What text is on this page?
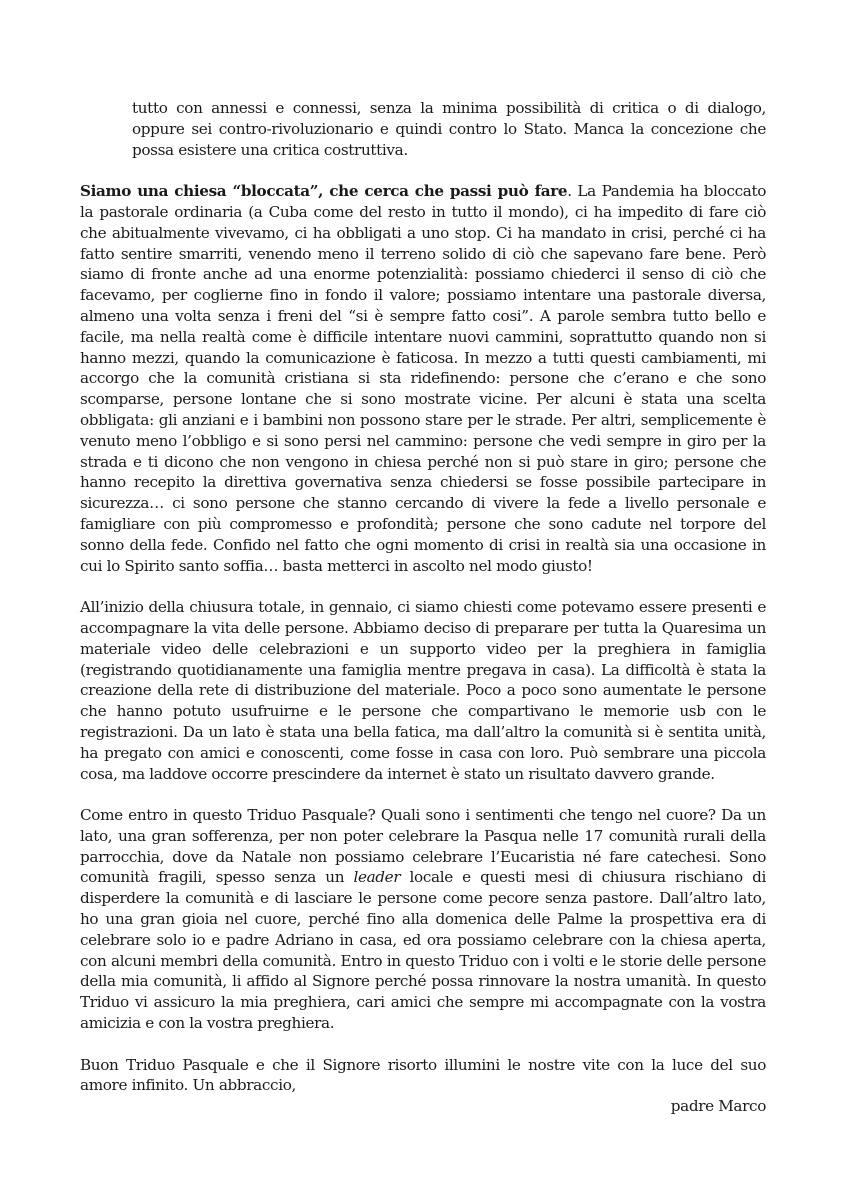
tutto con annessi e connessi, senza la minima possibilità di critica o di dialogo, oppure sei contro-rivoluzionario e quindi contro lo Stato. Manca la concezione che possa esistere una critica costruttiva.

Siamo una chiesa “bloccata”, che cerca che passi può fare. La Pandemia ha bloccato la pastorale ordinaria (a Cuba come del resto in tutto il mondo), ci ha impedito di fare ciò che abitualmente vivevamo, ci ha obbligati a uno stop. Ci ha mandato in crisi, perché ci ha fatto sentire smarriti, venendo meno il terreno solido di ciò che sapevano fare bene. Però siamo di fronte anche ad una enorme potenzialità: possiamo chiederci il senso di ciò che facevamo, per coglierne fino in fondo il valore; possiamo intentare una pastorale diversa, almeno una volta senza i freni del “si è sempre fatto cosi”. A parole sembra tutto bello e facile, ma nella realtà come è difficile intentare nuovi cammini, soprattutto quando non si hanno mezzi, quando la comunicazione è faticosa. In mezzo a tutti questi cambiamenti, mi accorgo che la comunità cristiana si sta ridefinendo: persone che c’erano e che sono scomparse, persone lontane che si sono mostrate vicine. Per alcuni è stata una scelta obbligata: gli anziani e i bambini non possono stare per le strade. Per altri, semplicemente è venuto meno l’obbligo e si sono persi nel cammino: persone che vedi sempre in giro per la strada e ti dicono che non vengono in chiesa perché non si può stare in giro; persone che hanno recepito la direttiva governativa senza chiedersi se fosse possibile partecipare in sicurezza… ci sono persone che stanno cercando di vivere la fede a livello personale e famigliare con più compromesso e profondità; persone che sono cadute nel torpore del sonno della fede. Confido nel fatto che ogni momento di crisi in realtà sia una occasione in cui lo Spirito santo soffia… basta metterci in ascolto nel modo giusto!

All’inizio della chiusura totale, in gennaio, ci siamo chiesti come potevamo essere presenti e accompagnare la vita delle persone. Abbiamo deciso di preparare per tutta la Quaresima un materiale video delle celebrazioni e un supporto video per la preghiera in famiglia (registrando quotidianamente una famiglia mentre pregava in casa). La difficoltà è stata la creazione della rete di distribuzione del materiale. Poco a poco sono aumentate le persone che hanno potuto usufruirne e le persone che compartivano le memorie usb con le registrazioni. Da un lato è stata una bella fatica, ma dall’altro la comunità si è sentita unità, ha pregato con amici e conoscenti, come fosse in casa con loro. Può sembrare una piccola cosa, ma laddove occorre prescindere da internet è stato un risultato davvero grande.

Come entro in questo Triduo Pasquale? Quali sono i sentimenti che tengo nel cuore? Da un lato, una gran sofferenza, per non poter celebrare la Pasqua nelle 17 comunità rurali della parrocchia, dove da Natale non possiamo celebrare l’Eucaristia né fare catechesi. Sono comunità fragili, spesso senza un leader locale e questi mesi di chiusura rischiano di disperdere la comunità e di lasciare le persone come pecore senza pastore. Dall’altro lato, ho una gran gioia nel cuore, perché fino alla domenica delle Palme la prospettiva era di celebrare solo io e padre Adriano in casa, ed ora possiamo celebrare con la chiesa aperta, con alcuni membri della comunità. Entro in questo Triduo con i volti e le storie delle persone della mia comunità, li affido al Signore perché possa rinnovare la nostra umanità. In questo Triduo vi assicuro la mia preghiera, cari amici che sempre mi accompagnate con la vostra amicizia e con la vostra preghiera.

Buon Triduo Pasquale e che il Signore risorto illumini le nostre vite con la luce del suo amore infinito. Un abbraccio,

padre Marco
